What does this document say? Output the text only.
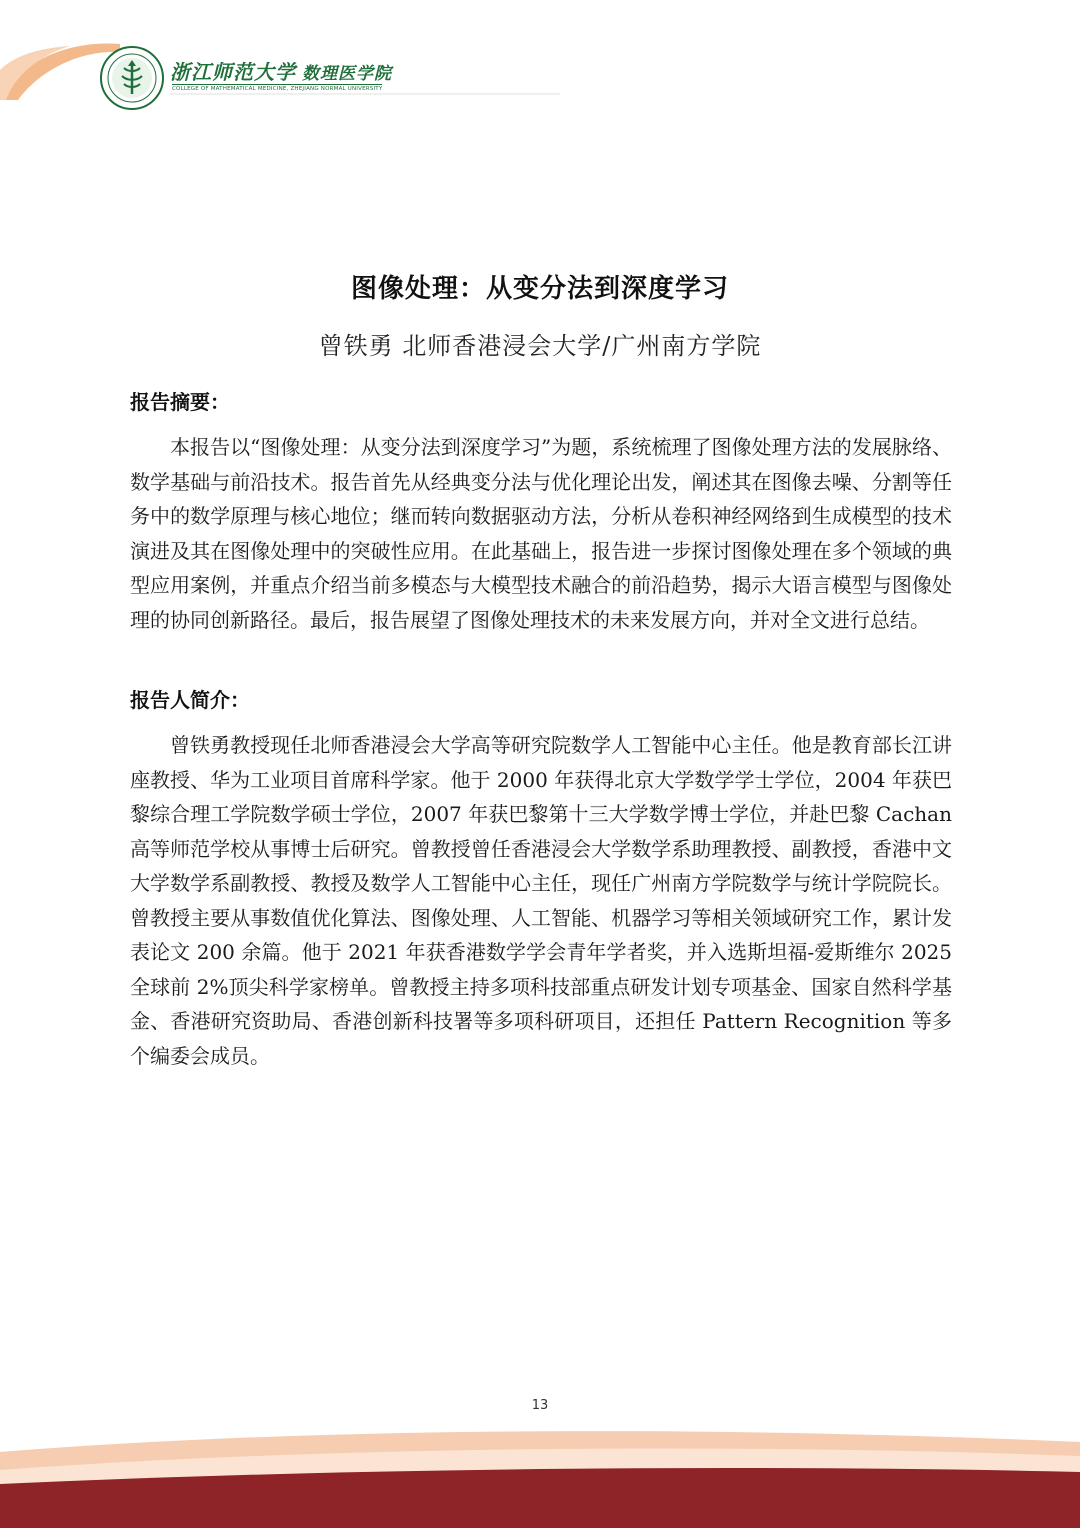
浙江师范大学 数理医学院
COLLEGE OF MATHEMATICAL MEDICINE, ZHEJIANG NORMAL UNIVERSITY
图像处理：从变分法到深度学习
曾铁勇 北师香港浸会大学/广州南方学院
报告摘要：

本报告以“图像处理：从变分法到深度学习”为题，系统梳理了图像处理方法的发展脉络、数学基础与前沿技术。报告首先从经典变分法与优化理论出发，阐述其在图像去噪、分割等任务中的数学原理与核心地位；继而转向数据驱动方法，分析从卷积神经网络到生成模型的技术演进及其在图像处理中的突破性应用。在此基础上，报告进一步探讨图像处理在多个领域的典型应用案例，并重点介绍当前多模态与大模型技术融合的前沿趋势，揭示大语言模型与图像处理的协同创新路径。最后，报告展望了图像处理技术的未来发展方向，并对全文进行总结。

报告人简介：

曾铁勇教授现任北师香港浸会大学高等研究院数学人工智能中心主任。他是教育部长江讲座教授、华为工业项目首席科学家。他于 2000 年获得北京大学数学学士学位，2004 年获巴黎综合理工学院数学硕士学位，2007 年获巴黎第十三大学数学博士学位，并赴巴黎 Cachan 高等师范学校从事博士后研究。曾教授曾任香港浸会大学数学系助理教授、副教授，香港中文大学数学系副教授、教授及数学人工智能中心主任，现任广州南方学院数学与统计学院院长。曾教授主要从事数值优化算法、图像处理、人工智能、机器学习等相关领域研究工作，累计发表论文 200 余篇。他于 2021 年获香港数学学会青年学者奖，并入选斯坦福-爱斯维尔 2025 全球前 2%顶尖科学家榜单。曾教授主持多项科技部重点研发计划专项基金、国家自然科学基金、香港研究资助局、香港创新科技署等多项科研项目，还担任 Pattern Recognition 等多个编委会成员。

13
